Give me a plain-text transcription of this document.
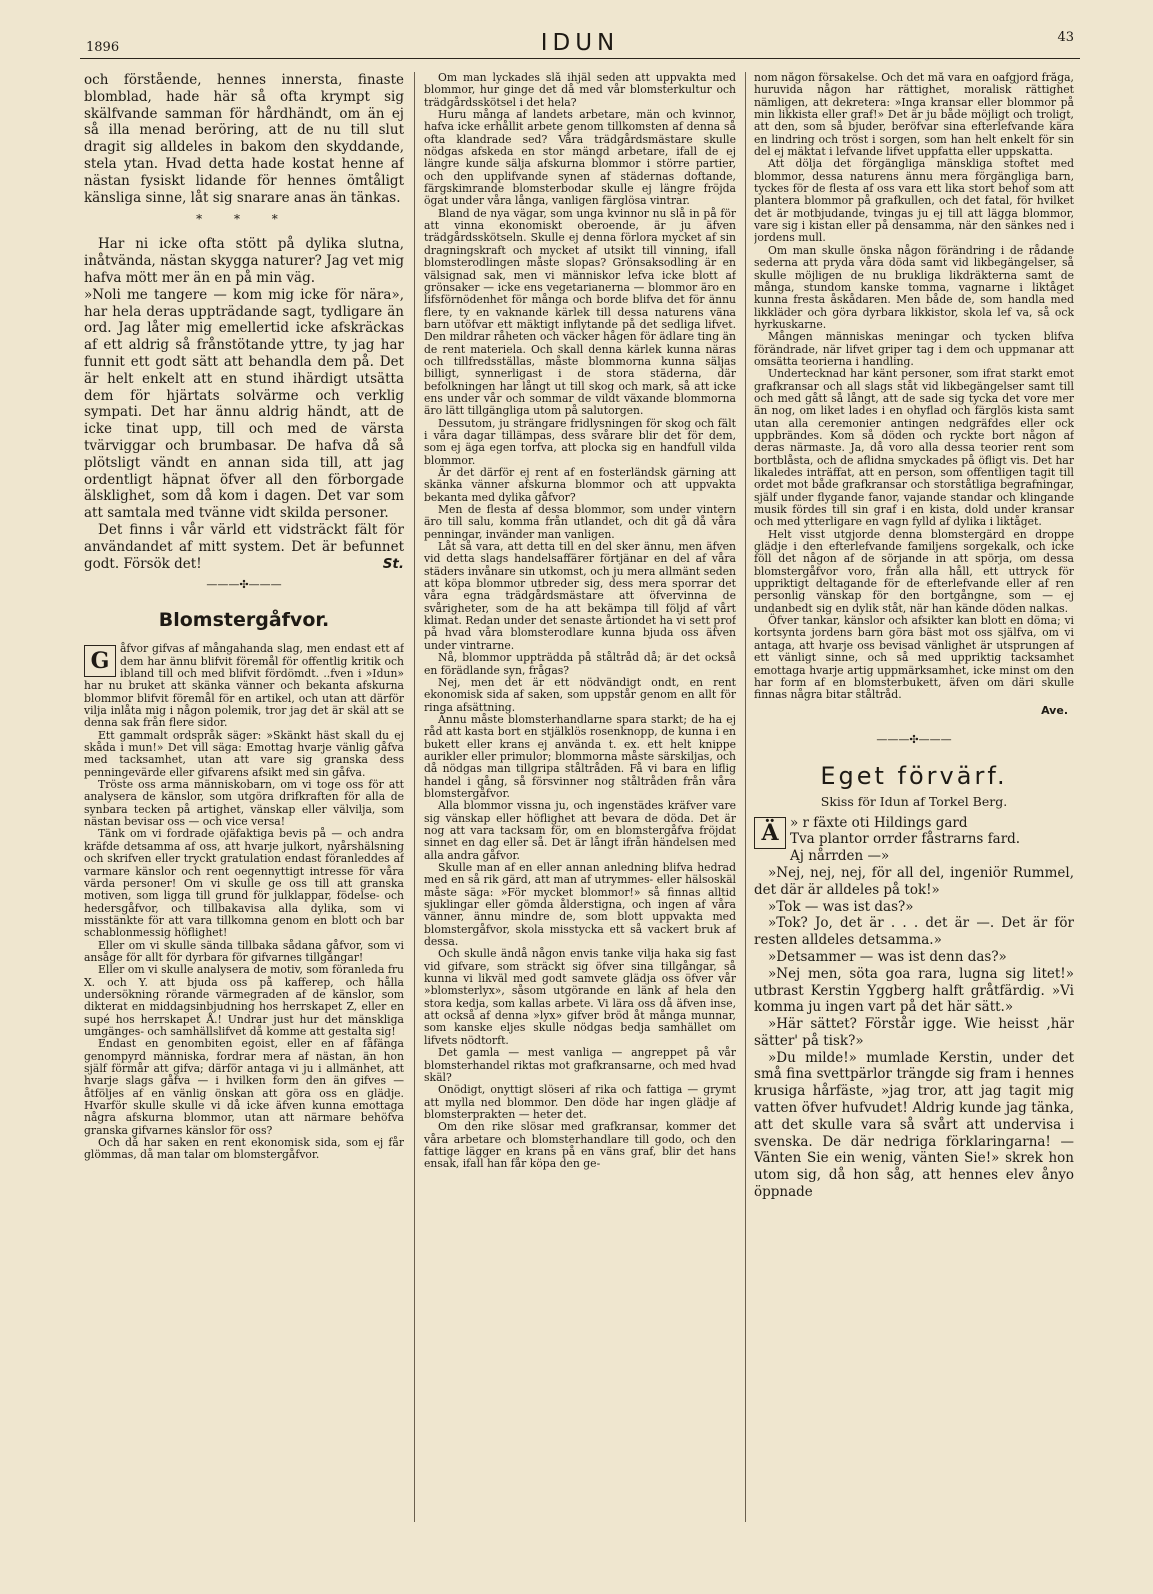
1896	IDUN	43

och förstående, hennes innersta, finaste blomblad, hade här så ofta krympt sig skälfvande samman för hårdhändt, om än ej så illa menad beröring, att de nu till slut dragit sig alldeles in bakom den skyddande, stela ytan. Hvad detta hade kostat henne af nästan fysiskt lidande för hennes ömtåligt känsliga sinne, låt sig snarare anas än tänkas.

* * *

Har ni icke ofta stött på dylika slutna, inåtvända, nästan skygga naturer? Jag vet mig hafva mött mer än en på min väg.

»Noli me tangere — kom mig icke för nära», har hela deras uppträdande sagt, tydligare än ord. Jag låter mig emellertid icke afskräckas af ett aldrig så frånstötande yttre, ty jag har funnit ett godt sätt att behandla dem på. Det är helt enkelt att en stund ihärdigt utsätta dem för hjärtats solvärme och verklig sympati. Det har ännu aldrig händt, att de icke tinat upp, till och med de värsta tvärviggar och brumbasar. De hafva då så plötsligt vändt en annan sida till, att jag ordentligt häpnat öfver all den förborgade älsklighet, som då kom i dagen. Det var som att samtala med tvänne vidt skilda personer.

Det finns i vår värld ett vidsträckt fält för användandet af mitt system. Det är befunnet godt. Försök det!	St.

———✣———
Blomstergåfvor.

G åfvor gifvas af mångahanda slag, men endast ett af dem har ännu blifvit föremål för offentlig kritik och ibland till och med blifvit fördömdt. ..fven i »Idun» har nu bruket att skänka vänner och bekanta afskurna blommor blifvit föremål för en artikel, och utan att därför vilja inlåta mig i någon polemik, tror jag det är skäl att se denna sak från flere sidor.

Ett gammalt ordspråk säger: »Skänkt häst skall du ej skåda i mun!» Det vill säga: Emottag hvarje vänlig gåfva med tacksamhet, utan att vare sig granska dess penningevärde eller gifvarens afsikt med sin gåfva.

Tröste oss arma människobarn, om vi toge oss för att analysera de känslor, som utgöra drifkraften för alla de synbara tecken på artighet, vänskap eller välvilja, som nästan bevisar oss — och vice versa!

Tänk om vi fordrade ojäfaktiga bevis på — och andra kräfde detsamma af oss, att hvarje julkort, nyårshälsning och skrifven eller tryckt gratulation endast föranleddes af varmare känslor och rent oegennyttigt intresse för våra värda personer! Om vi skulle ge oss till att granska motiven, som ligga till grund för julklappar, födelse- och hedersgåfvor, och tillbakavisa alla dylika, som vi misstänkte för att vara tillkomna genom en blott och bar schablonmessig höflighet!

Eller om vi skulle sända tillbaka sådana gåfvor, som vi ansåge för allt för dyrbara för gifvarnes tillgångar!

Eller om vi skulle analysera de motiv, som föranleda fru X. och Y. att bjuda oss på kafferep, och hålla undersökning rörande värmegraden af de känslor, som dikterat en middagsinbjudning hos herrskapet Z, eller en supé hos herrskapet Å.! Undrar just hur det mänskliga umgänges- och samhällslifvet då komme att gestalta sig!

Endast en genombiten egoist, eller en af fåfänga genompyrd människa, fordrar mera af nästan, än hon själf förmår att gifva; därför antaga vi ju i allmänhet, att hvarje slags gåfva — i hvilken form den än gifves — åtföljes af en vänlig önskan att göra oss en glädje. Hvarför skulle skulle vi då icke äfven kunna emottaga några afskurna blommor, utan att närmare behöfva granska gifvarnes känslor för oss?

Och då har saken en rent ekonomisk sida, som ej får glömmas, då man talar om blomstergåfvor.

Om man lyckades slå ihjäl seden att uppvakta med blommor, hur ginge det då med vår blomsterkultur och trädgårdsskötsel i det hela?

Huru många af landets arbetare, män och kvinnor, hafva icke erhållit arbete genom tillkomsten af denna så ofta klandrade sed? Våra trädgårdsmästare skulle nödgas afskeda en stor mängd arbetare, ifall de ej längre kunde sälja afskurna blommor i större partier, och den upplifvande synen af städernas doftande, färgskimrande blomsterbodar skulle ej längre fröjda ögat under våra långa, vanligen färglösa vintrar.

Bland de nya vägar, som unga kvinnor nu slå in på för att vinna ekonomiskt oberoende, är ju äfven trädgårdsskötseln. Skulle ej denna förlora mycket af sin dragningskraft och mycket af utsikt till vinning, ifall blomsterodlingen måste slopas? Grönsaksodling är en välsignad sak, men vi människor lefva icke blott af grönsaker — icke ens vegetarianerna — blommor äro en lifsförnödenhet för många och borde blifva det för ännu flere, ty en vaknande kärlek till dessa naturens väna barn utöfvar ett mäktigt inflytande på det sedliga lifvet. Den mildrar råheten och väcker hågen för ädlare ting än de rent materiela. Och skall denna kärlek kunna näras och tillfredsställas, måste blommorna kunna säljas billigt, synnerligast i de stora städerna, där befolkningen har långt ut till skog och mark, så att icke ens under vår och sommar de vildt växande blommorna äro lätt tillgängliga utom på salutorgen.

Dessutom, ju strängare fridlysningen för skog och fält i våra dagar tillämpas, dess svårare blir det för dem, som ej äga egen torfva, att plocka sig en handfull vilda blommor.

Är det därför ej rent af en fosterländsk gärning att skänka vänner afskurna blommor och att uppvakta bekanta med dylika gåfvor?

Men de flesta af dessa blommor, som under vintern äro till salu, komma från utlandet, och dit gå då våra penningar, invänder man vanligen.

Låt så vara, att detta till en del sker ännu, men äfven vid detta slags handelsaffärer förtjänar en del af våra städers invånare sin utkomst, och ju mera allmänt seden att köpa blommor utbreder sig, dess mera sporrar det våra egna trädgårdsmästare att öfvervinna de svårigheter, som de ha att bekämpa till följd af vårt klimat. Redan under det senaste årtiondet ha vi sett prof på hvad våra blomsterodlare kunna bjuda oss äfven under vintrarne.

Nå, blommor uppträdda på ståltråd då; är det också en förädlande syn, frågas?

Nej, men det är ett nödvändigt ondt, en rent ekonomisk sida af saken, som uppstår genom en allt för ringa afsättning.

Ännu måste blomsterhandlarne spara starkt; de ha ej råd att kasta bort en stjälklös rosenknopp, de kunna i en bukett eller krans ej använda t. ex. ett helt knippe aurikler eller primulor; blommorna måste särskiljas, och då nödgas man tillgripa ståltråden. Få vi bara en liflig handel i gång, så försvinner nog ståltråden från våra blomstergåfvor.

Alla blommor vissna ju, och ingenstädes kräfver vare sig vänskap eller höflighet att bevara de döda. Det är nog att vara tacksam för, om en blomstergåfva fröjdat sinnet en dag eller så. Det är långt ifrån händelsen med alla andra gåfvor.

Skulle man af en eller annan anledning blifva hedrad med en så rik gärd, att man af utrymmes- eller hälsoskäl måste säga: »För mycket blommor!» så finnas alltid sjuklingar eller gömda ålderstigna, och ingen af våra vänner, ännu mindre de, som blott uppvakta med blomstergåfvor, skola misstycka ett så vackert bruk af dessa.

Och skulle ändå någon envis tanke vilja haka sig fast vid gifvare, som sträckt sig öfver sina tillgångar, så kunna vi likväl med godt samvete glädja oss öfver vår »blomsterlyx», såsom utgörande en länk af hela den stora kedja, som kallas arbete. Vi lära oss då äfven inse, att också af denna »lyx» gifver bröd åt många munnar, som kanske eljes skulle nödgas bedja samhället om lifvets nödtorft.

Det gamla — mest vanliga — angreppet på vår blomsterhandel riktas mot grafkransarne, och med hvad skäl?

Onödigt, onyttigt slöseri af rika och fattiga — grymt att mylla ned blommor. Den döde har ingen glädje af blomsterprakten — heter det.

Om den rike slösar med grafkransar, kommer det våra arbetare och blomsterhandlare till godo, och den fattige lägger en krans på en väns graf, blir det hans ensak, ifall han får köpa den ge-

nom någon försakelse. Och det må vara en oafgjord fråga, huruvida någon har rättighet, moralisk rättighet nämligen, att dekretera: »Inga kransar eller blommor på min likkista eller graf!» Det är ju både möjligt och troligt, att den, som så bjuder, beröfvar sina efterlefvande kära en lindring och tröst i sorgen, som han helt enkelt för sin del ej mäktat i lefvande lifvet uppfatta eller uppskatta.

Att dölja det förgängliga mänskliga stoftet med blommor, dessa naturens ännu mera förgängliga barn, tyckes för de flesta af oss vara ett lika stort behof som att plantera blommor på grafkullen, och det fatal, för hvilket det är motbjudande, tvingas ju ej till att lägga blommor, vare sig i kistan eller på densamma, när den sänkes ned i jordens mull.

Om man skulle önska någon förändring i de rådande sederna att pryda våra döda samt vid likbegängelser, så skulle möjligen de nu brukliga likdräkterna samt de många, stundom kanske tomma, vagnarne i liktåget kunna fresta åskådaren. Men både de, som handla med likkläder och göra dyrbara likkistor, skola lef va, så ock hyrkuskarne.

Mången människas meningar och tycken blifva förändrade, när lifvet griper tag i dem och uppmanar att omsätta teorierna i handling.

Undertecknad har känt personer, som ifrat starkt emot grafkransar och all slags ståt vid likbegängelser samt till och med gått så långt, att de sade sig tycka det vore mer än nog, om liket lades i en ohyflad och färglös kista samt utan alla ceremonier antingen nedgräfdes eller ock uppbrändes. Kom så döden och ryckte bort någon af deras närmaste. Ja, då voro alla dessa teorier rent som bortblåsta, och de aflidna smyckades på öfligt vis. Det har likaledes inträffat, att en person, som offentligen tagit till ordet mot både grafkransar och storståtliga begrafningar, själf under flygande fanor, vajande standar och klingande musik fördes till sin graf i en kista, dold under kransar och med ytterligare en vagn fylld af dylika i liktåget.

Helt visst utgjorde denna blomstergärd en droppe glädje i den efterlefvande familjens sorgekalk, och icke föll det någon af de sörjande in att spörja, om dessa blomstergåfvor voro, från alla håll, ett uttryck för uppriktigt deltagande för de efterlefvande eller af ren personlig vänskap för den bortgångne, som — ej undanbedt sig en dylik ståt, när han kände döden nalkas.

Öfver tankar, känslor och afsikter kan blott en döma; vi kortsynta jordens barn göra bäst mot oss själfva, om vi antaga, att hvarje oss bevisad vänlighet är utsprungen af ett vänligt sinne, och så med uppriktig tacksamhet emottaga hvarje artig uppmärksamhet, icke minst om den har form af en blomsterbukett, äfven om däri skulle finnas några bitar ståltråd.

Ave.
———✣———
Eget förvärf.
Skiss för Idun af Torkel Berg.

Ä » r fäxte oti Hildings gard

Tva plantor orrder fåstrarns fard.

Aj nårrden —»

»Nej, nej, nej, för all del, ingeniör Rummel, det där är alldeles på tok!»

»Tok — was ist das?»

»Tok? Jo, det är . . . det är —. Det är för resten alldeles detsamma.»

»Detsammer — was ist denn das?»

»Nej men, söta goa rara, lugna sig litet!» utbrast Kerstin Yggberg halft gråtfärdig. »Vi komma ju ingen vart på det här sätt.»

»Här sättet? Förstår igge. Wie heisst ,här sätter' på tisk?»

»Du milde!» mumlade Kerstin, under det små fina svettpärlor trängde sig fram i hennes krusiga hårfäste, »jag tror, att jag tagit mig vatten öfver hufvudet! Aldrig kunde jag tänka, att det skulle vara så svårt att undervisa i svenska. De där nedriga förklaringarna! — Vänten Sie ein wenig, vänten Sie!» skrek hon utom sig, då hon såg, att hennes elev ånyo öppnade
